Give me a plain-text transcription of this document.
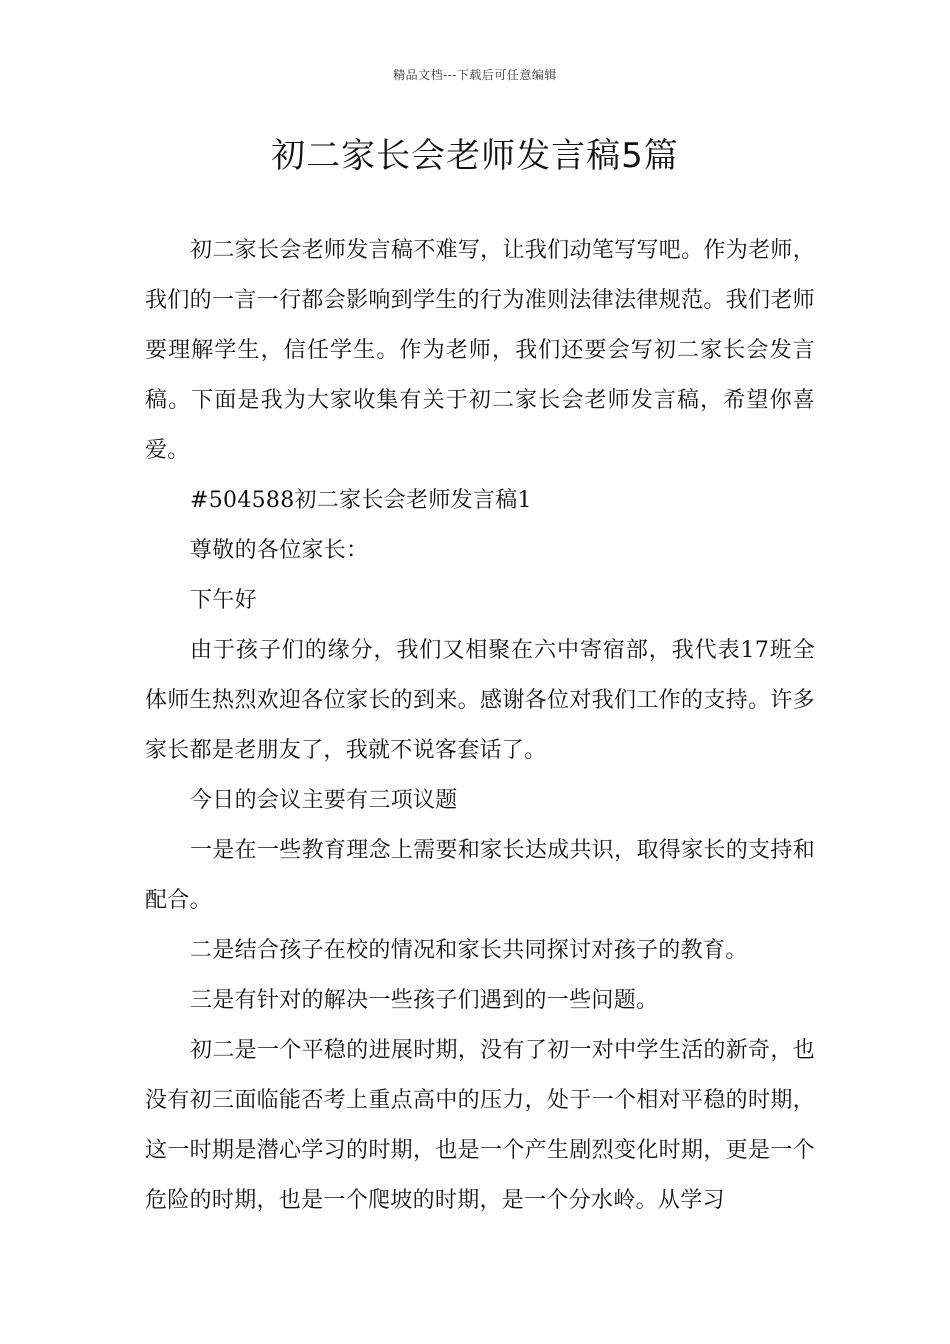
精品文档---下载后可任意编辑
初二家长会老师发言稿5篇

初二家长会老师发言稿不难写，让我们动笔写写吧。作为老师，我们的一言一行都会影响到学生的行为准则法律法律规范。我们老师要理解学生，信任学生。作为老师，我们还要会写初二家长会发言稿。下面是我为大家收集有关于初二家长会老师发言稿，希望你喜爱。

#504588初二家长会老师发言稿1

尊敬的各位家长：

下午好

由于孩子们的缘分，我们又相聚在六中寄宿部，我代表17班全体师生热烈欢迎各位家长的到来。感谢各位对我们工作的支持。许多家长都是老朋友了，我就不说客套话了。

今日的会议主要有三项议题

一是在一些教育理念上需要和家长达成共识，取得家长的支持和配合。

二是结合孩子在校的情况和家长共同探讨对孩子的教育。

三是有针对的解决一些孩子们遇到的一些问题。

初二是一个平稳的进展时期，没有了初一对中学生活的新奇，也没有初三面临能否考上重点高中的压力，处于一个相对平稳的时期，这一时期是潜心学习的时期，也是一个产生剧烈变化时期，更是一个危险的时期，也是一个爬坡的时期，是一个分水岭。从学习
